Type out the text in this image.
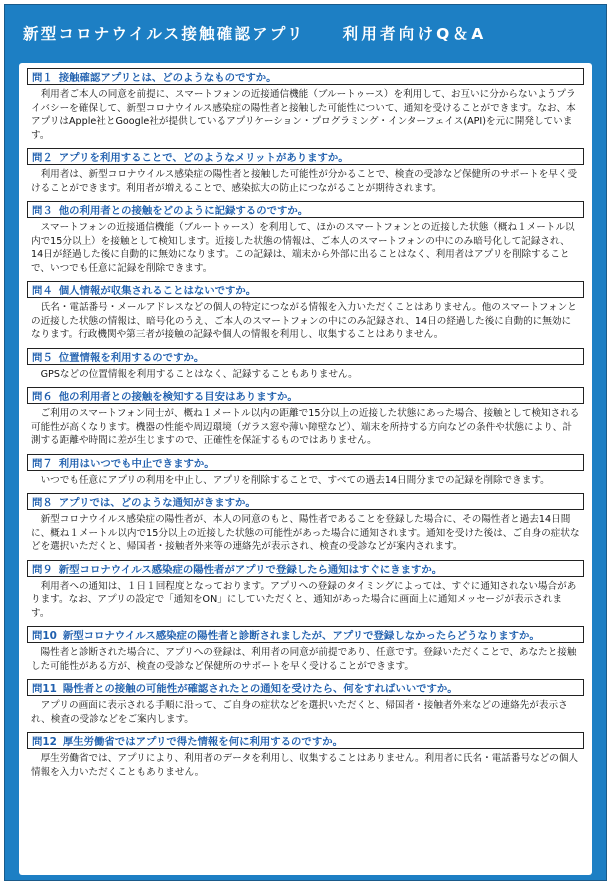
新型コロナウイルス接触確認アプリ 利用者向けQ＆A
問１ 接触確認アプリとは、どのようなものですか。

利用者ご本人の同意を前提に、スマートフォンの近接通信機能（ブルートゥース）を利用して、お互いに分からないようプライバシーを確保して、新型コロナウイルス感染症の陽性者と接触した可能性について、通知を受けることができます。なお、本アプリはApple社とGoogle社が提供しているアプリケーション・プログラミング・インターフェイス(API)を元に開発しています。

問２ アプリを利用することで、どのようなメリットがありますか。

利用者は、新型コロナウイルス感染症の陽性者と接触した可能性が分かることで、検査の受診など保健所のサポートを早く受けることができます。利用者が増えることで、感染拡大の防止につながることが期待されます。

問３ 他の利用者との接触をどのように記録するのですか。

スマートフォンの近接通信機能（ブルートゥース）を利用して、ほかのスマートフォンとの近接した状態（概ね１メートル以内で15分以上）を接触として検知します。近接した状態の情報は、ご本人のスマートフォンの中にのみ暗号化して記録され、14日が経過した後に自動的に無効になります。この記録は、端末から外部に出ることはなく、利用者はアプリを削除することで、いつでも任意に記録を削除できます。

問４ 個人情報が収集されることはないですか。

氏名・電話番号・メールアドレスなどの個人の特定につながる情報を入力いただくことはありません。他のスマートフォンとの近接した状態の情報は、暗号化のうえ、ご本人のスマートフォンの中にのみ記録され、14日の経過した後に自動的に無効になります。行政機関や第三者が接触の記録や個人の情報を利用し、収集することはありません。

問５ 位置情報を利用するのですか。

GPSなどの位置情報を利用することはなく、記録することもありません。

問６ 他の利用者との接触を検知する目安はありますか。

ご利用のスマートフォン同士が、概ね１メートル以内の距離で15分以上の近接した状態にあった場合、接触として検知される可能性が高くなります。機器の性能や周辺環境（ガラス窓や薄い障壁など）、端末を所持する方向などの条件や状態により、計測する距離や時間に差が生じますので、正確性を保証するものではありません。

問７ 利用はいつでも中止できますか。

いつでも任意にアプリの利用を中止し、アプリを削除することで、すべての過去14日間分までの記録を削除できます。

問８ アプリでは、どのような通知がきますか。

新型コロナウイルス感染症の陽性者が、本人の同意のもと、陽性者であることを登録した場合に、その陽性者と過去14日間に、概ね１メートル以内で15分以上の近接した状態の可能性があった場合に通知されます。通知を受けた後は、ご自身の症状などを選択いただくと、帰国者・接触者外来等の連絡先が表示され、検査の受診などが案内されます。

問９ 新型コロナウイルス感染症の陽性者がアプリで登録したら通知はすぐにきますか。

利用者への通知は、１日１回程度となっております。アプリへの登録のタイミングによっては、すぐに通知されない場合があります。なお、アプリの設定で「通知をON」にしていただくと、通知があった場合に画面上に通知メッセージが表示されます。

問10 新型コロナウイルス感染症の陽性者と診断されましたが、アプリで登録しなかったらどうなりますか。

陽性者と診断された場合に、アプリへの登録は、利用者の同意が前提であり、任意です。登録いただくことで、あなたと接触した可能性がある方が、検査の受診など保健所のサポートを早く受けることができます。

問11 陽性者との接触の可能性が確認されたとの通知を受けたら、何をすればいいですか。

アプリの画面に表示される手順に沿って、ご自身の症状などを選択いただくと、帰国者・接触者外来などの連絡先が表示され、検査の受診などをご案内します。

問12 厚生労働省ではアプリで得た情報を何に利用するのですか。

厚生労働省では、アプリにより、利用者のデータを利用し、収集することはありません。利用者に氏名・電話番号などの個人情報を入力いただくこともありません。
